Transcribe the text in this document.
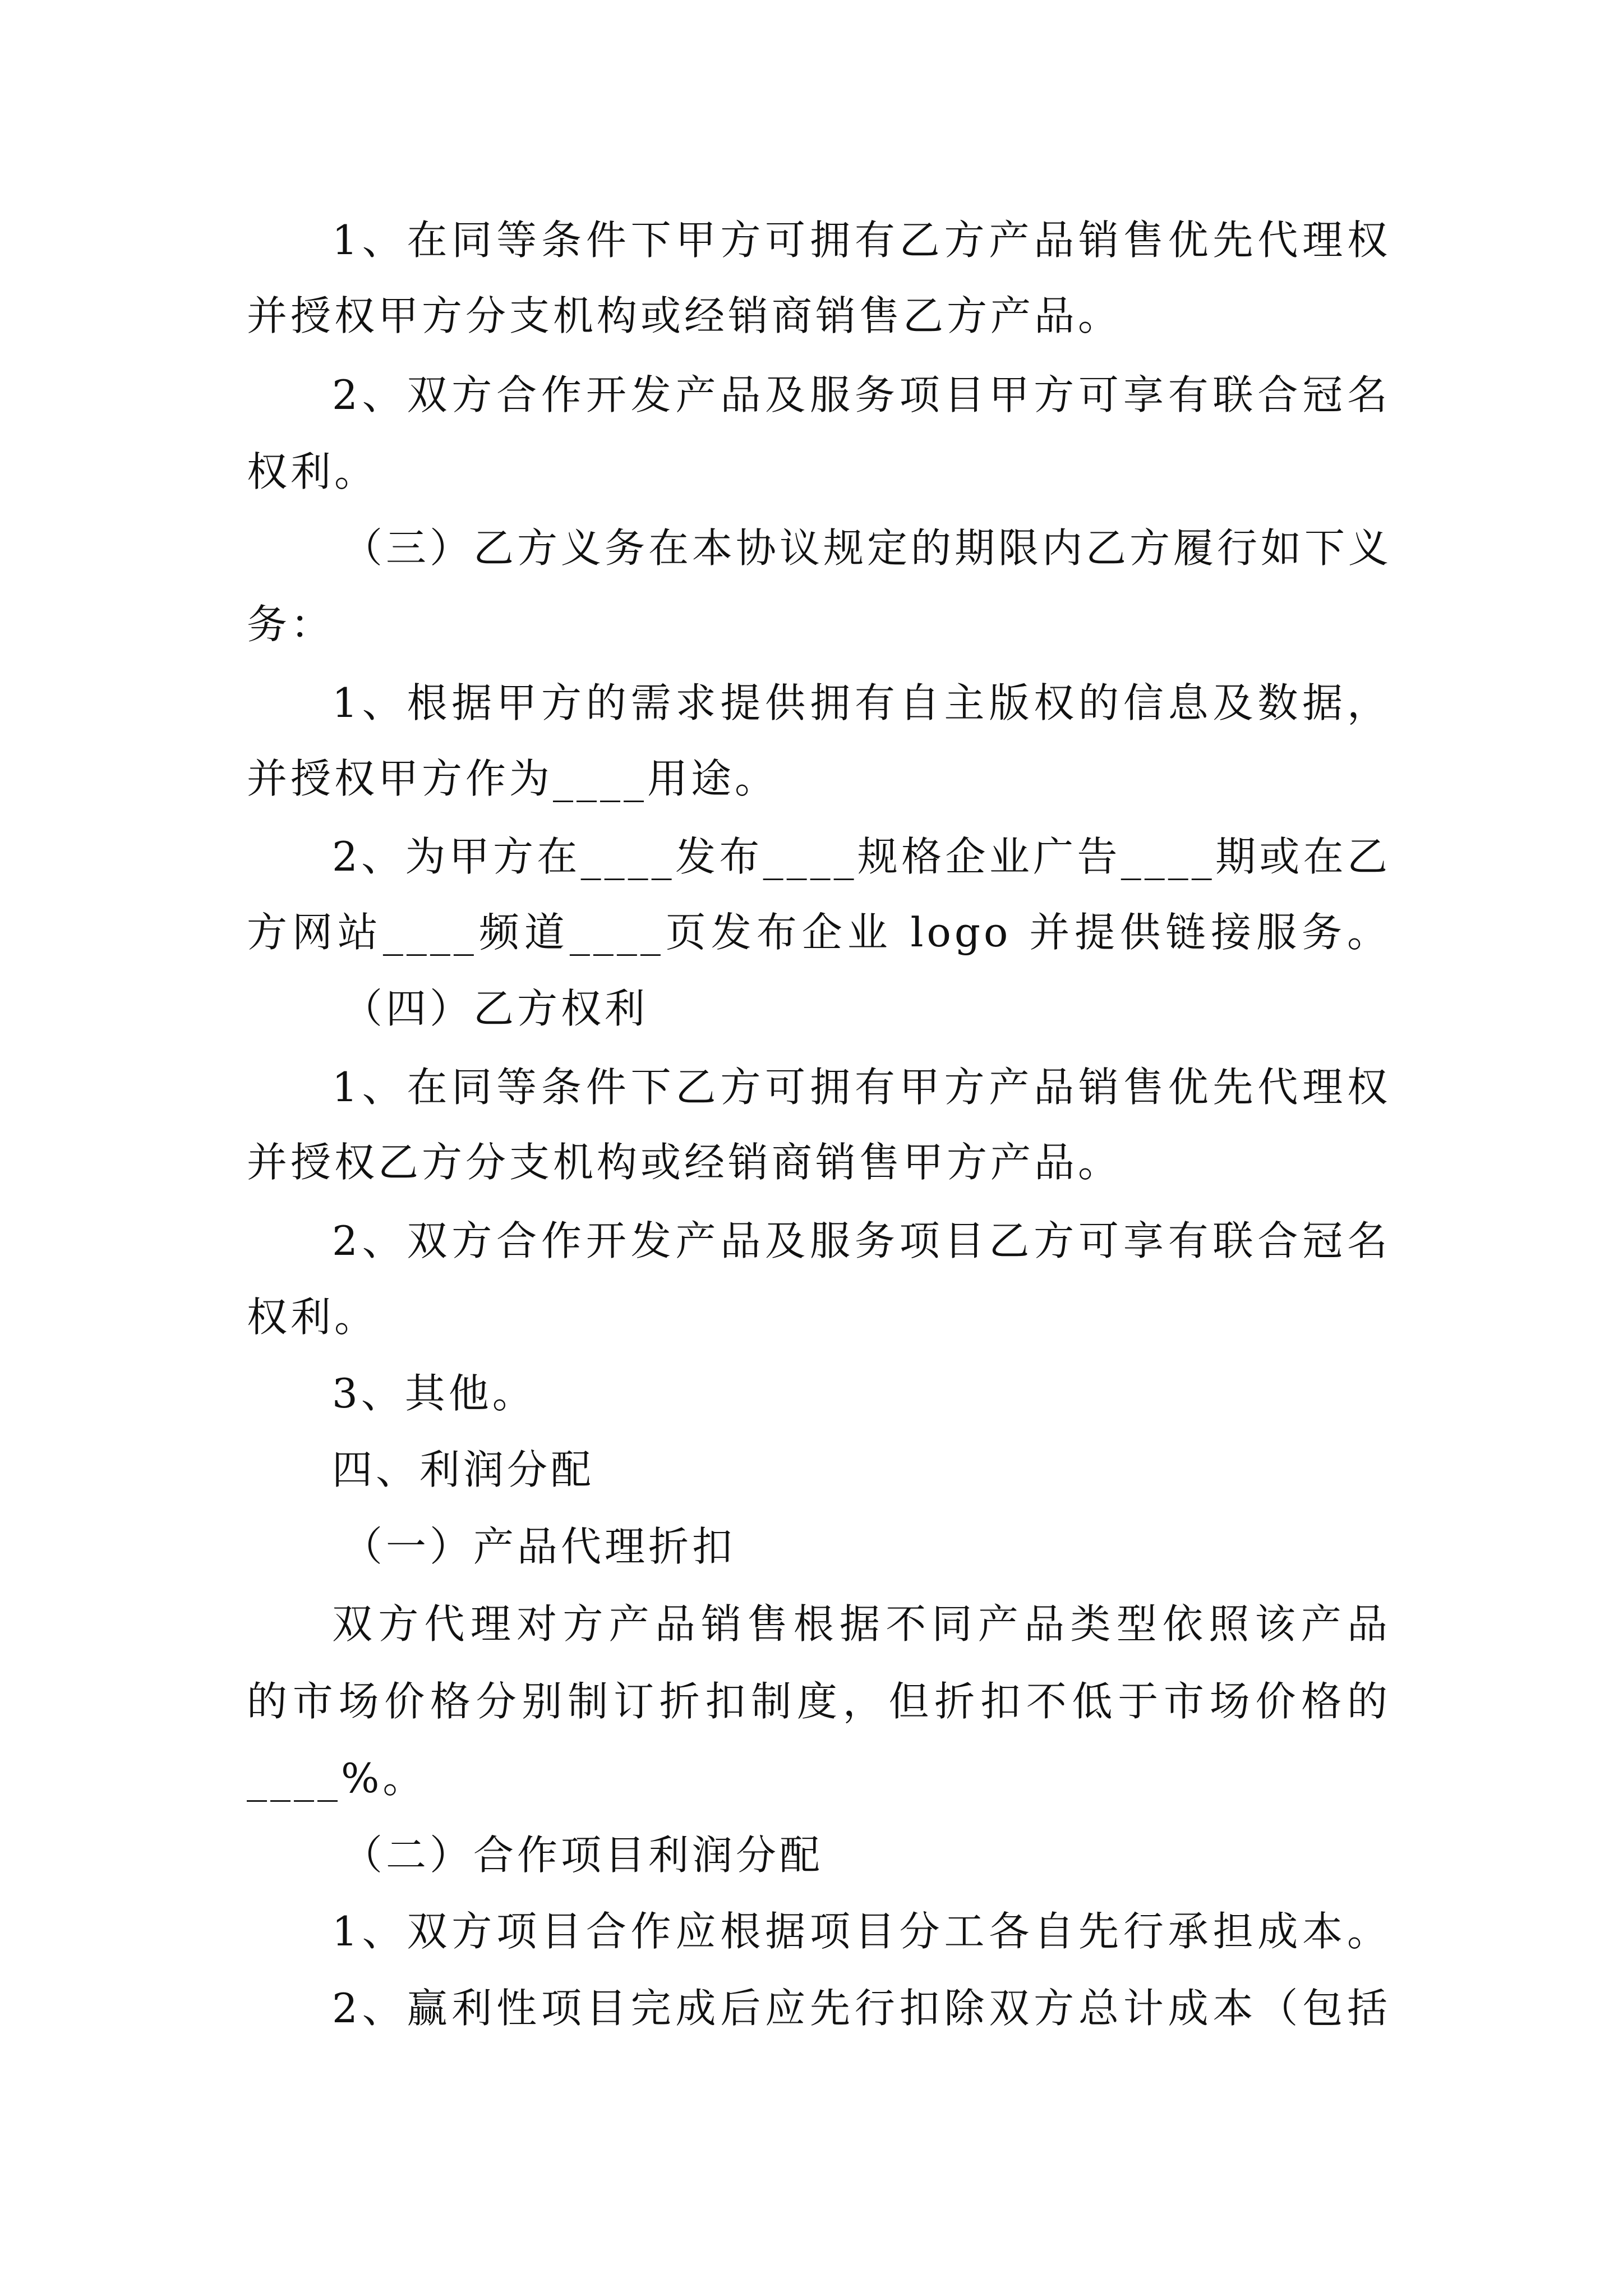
1、在同等条件下甲方可拥有乙方产品销售优先代理权
并授权甲方分支机构或经销商销售乙方产品。
2、双方合作开发产品及服务项目甲方可享有联合冠名
权利。
（三）乙方义务在本协议规定的期限内乙方履行如下义
务：
1、根据甲方的需求提供拥有自主版权的信息及数据，
并授权甲方作为____用途。
2、为甲方在____发布____规格企业广告____期或在乙
方网站____频道____页发布企业 logo 并提供链接服务。
（四）乙方权利
1、在同等条件下乙方可拥有甲方产品销售优先代理权
并授权乙方分支机构或经销商销售甲方产品。
2、双方合作开发产品及服务项目乙方可享有联合冠名
权利。
3、其他。
四、利润分配
（一）产品代理折扣
双方代理对方产品销售根据不同产品类型依照该产品
的市场价格分别制订折扣制度，但折扣不低于市场价格的
____%。
（二）合作项目利润分配
1、双方项目合作应根据项目分工各自先行承担成本。
2、赢利性项目完成后应先行扣除双方总计成本（包括
